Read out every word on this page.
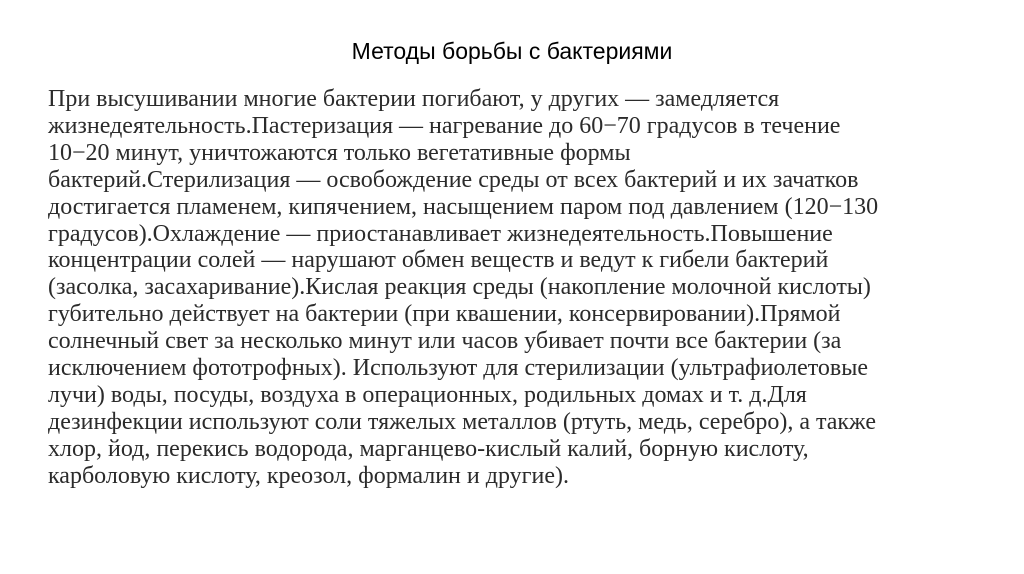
Методы борьбы с бактериями
При высушивании многие бактерии погибают, у других — замедляется
жизнедеятельность.Пастеризация — нагревание до 60−70 градусов в течение
10−20 минут, уничтожаются только вегетативные формы
бактерий.Стерилизация — освобождение среды от всех бактерий и их зачатков
достигается пламенем, кипячением, насыщением паром под давлением (120−130
градусов).Охлаждение — приостанавливает жизнедеятельность.Повышение
концентрации солей — нарушают обмен веществ и ведут к гибели бактерий
(засолка, засахаривание).Кислая реакция среды (накопление молочной кислоты)
губительно действует на бактерии (при квашении, консервировании).Прямой
солнечный свет за несколько минут или часов убивает почти все бактерии (за
исключением фототрофных). Используют для стерилизации (ультрафиолетовые
лучи) воды, посуды, воздуха в операционных, родильных домах и т. д.Для
дезинфекции используют соли тяжелых металлов (ртуть, медь, серебро), а также
хлор, йод, перекись водорода, марганцево-кислый калий, борную кислоту,
карболовую кислоту, креозол, формалин и другие).
